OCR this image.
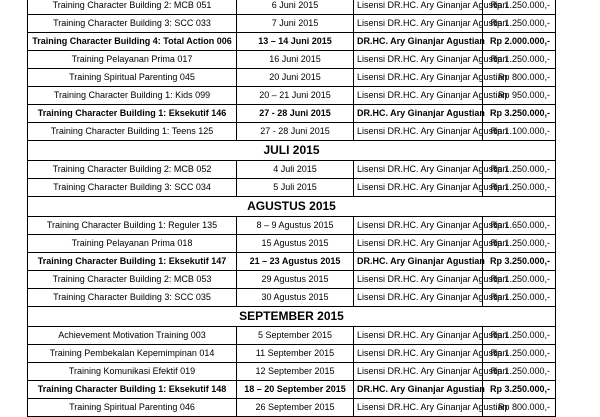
Training Character Building 2: MCB 051	6 Juni 2015	Lisensi DR.HC. Ary Ginanjar Agustian	Rp 1.250.000,-
Training Character Building 3: SCC 033	7 Juni 2015	Lisensi DR.HC. Ary Ginanjar Agustian	Rp 1.250.000,-
Training Character Building 4: Total Action 006	13 – 14 Juni 2015	DR.HC. Ary Ginanjar Agustian	Rp 2.000.000,-
Training Pelayanan Prima 017	16 Juni 2015	Lisensi DR.HC. Ary Ginanjar Agustian	Rp 1.250.000,-
Training Spiritual Parenting 045	20 Juni 2015	Lisensi DR.HC. Ary Ginanjar Agustian	Rp 800.000,-
Training Character Building 1: Kids 099	20 – 21 Juni 2015	Lisensi DR.HC. Ary Ginanjar Agustian	Rp 950.000,-
Training Character Building 1: Eksekutif 146	27 - 28 Juni 2015	DR.HC. Ary Ginanjar Agustian	Rp 3.250.000,-
Training Character Building 1: Teens 125	27 - 28 Juni 2015	Lisensi DR.HC. Ary Ginanjar Agustian	Rp 1.100.000,-
JULI 2015			
Training Character Building 2: MCB 052	4 Juli 2015	Lisensi DR.HC. Ary Ginanjar Agustian	Rp 1.250.000,-
Training Character Building 3: SCC 034	5 Juli 2015	Lisensi DR.HC. Ary Ginanjar Agustian	Rp 1.250.000,-
AGUSTUS 2015			
Training Character Building 1: Reguler 135	8 – 9 Agustus 2015	Lisensi DR.HC. Ary Ginanjar Agustian	Rp 1.650.000,-
Training Pelayanan Prima 018	15 Agustus 2015	Lisensi DR.HC. Ary Ginanjar Agustian	Rp 1.250.000,-
Training Character Building 1: Eksekutif 147	21 – 23 Agustus 2015	DR.HC. Ary Ginanjar Agustian	Rp 3.250.000,-
Training Character Building 2: MCB 053	29 Agustus 2015	Lisensi DR.HC. Ary Ginanjar Agustian	Rp 1.250.000,-
Training Character Building 3: SCC 035	30 Agustus 2015	Lisensi DR.HC. Ary Ginanjar Agustian	Rp 1.250.000,-
SEPTEMBER 2015			
Achievement Motivation Training 003	5 September 2015	Lisensi DR.HC. Ary Ginanjar Agustian	Rp 1.250.000,-
Training Pembekalan Kepemimpinan 014	11 September 2015	Lisensi DR.HC. Ary Ginanjar Agustian	Rp 1.250.000,-
Training Komunikasi Efektif 019	12 September 2015	Lisensi DR.HC. Ary Ginanjar Agustian	Rp 1.250.000,-
Training Character Building 1: Eksekutif 148	18 – 20 September 2015	DR.HC. Ary Ginanjar Agustian	Rp 3.250.000,-
Training Spiritual Parenting 046	26 September 2015	Lisensi DR.HC. Ary Ginanjar Agustian	Rp 800.000,-
